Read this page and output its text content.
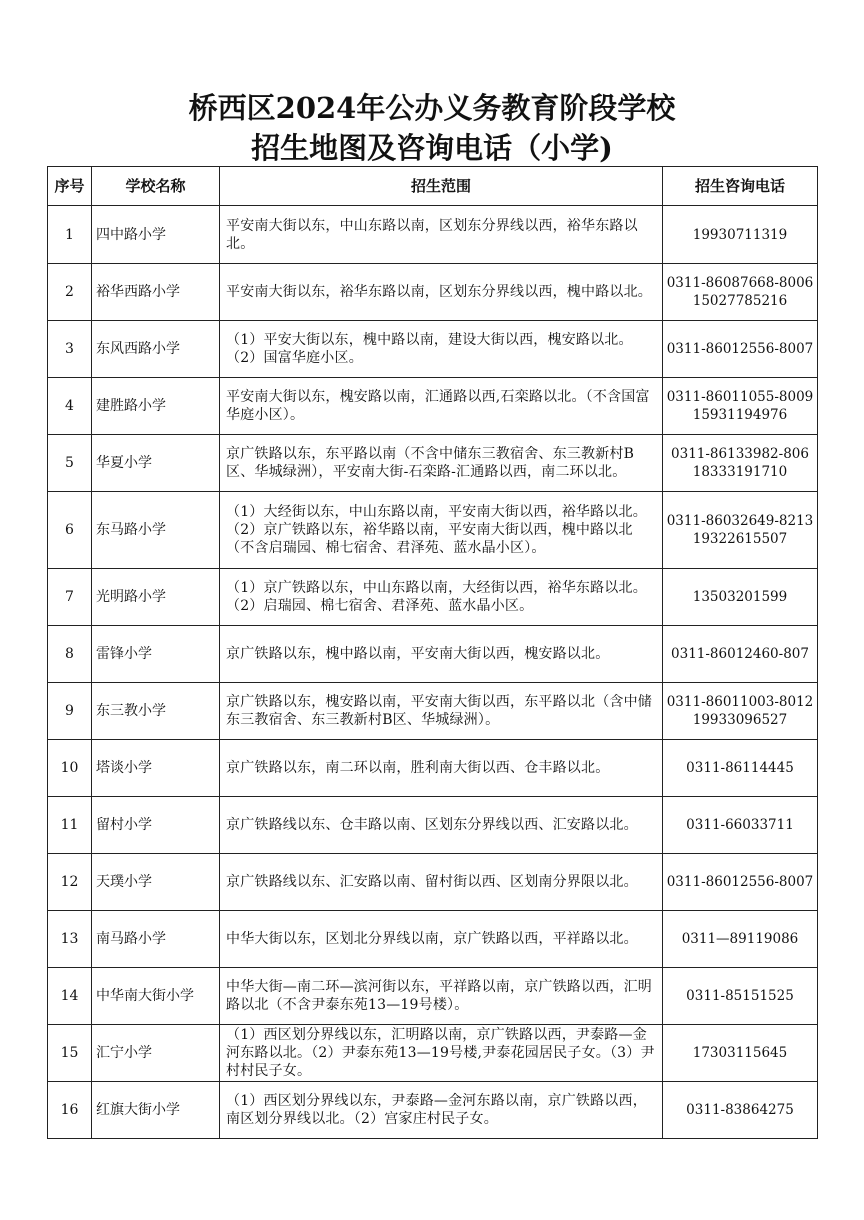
桥西区2024年公办义务教育阶段学校
招生地图及咨询电话（小学)
序号	学校名称	招生范围	招生咨询电话
1	四中路小学	平安南大街以东，中山东路以南，区划东分界线以西，裕华东路以北。	19930711319

2	裕华西路小学	平安南大街以东，裕华东路以南，区划东分界线以西，槐中路以北。	0311-86087668-8006
15027785216

3	东风西路小学	（1）平安大街以东，槐中路以南，建设大街以西，槐安路以北。（2）国富华庭小区。	0311-86012556-8007

4	建胜路小学	平安南大街以东，槐安路以南，汇通路以西,石栾路以北。（不含国富华庭小区）。	0311-86011055-8009
15931194976

5	华夏小学	京广铁路以东，东平路以南（不含中储东三教宿舍、东三教新村B区、华城绿洲），平安南大街-石栾路-汇通路以西，南二环以北。	0311-86133982-806
18333191710

6	东马路小学	（1）大经街以东，中山东路以南，平安南大街以西，裕华路以北。（2）京广铁路以东，裕华路以南，平安南大街以西，槐中路以北（不含启瑞园、棉七宿舍、君泽苑、蓝水晶小区）。	0311-86032649-8213
19322615507

7	光明路小学	（1）京广铁路以东，中山东路以南，大经街以西，裕华东路以北。（2）启瑞园、棉七宿舍、君泽苑、蓝水晶小区。	13503201599

8	雷锋小学	京广铁路以东，槐中路以南，平安南大街以西，槐安路以北。	0311-86012460-807

9	东三教小学	京广铁路以东，槐安路以南，平安南大街以西，东平路以北（含中储东三教宿舍、东三教新村B区、华城绿洲）。	0311-86011003-8012
19933096527

10	塔谈小学	京广铁路以东，南二环以南，胜利南大街以西、仓丰路以北。	0311-86114445

11	留村小学	京广铁路线以东、仓丰路以南、区划东分界线以西、汇安路以北。	0311-66033711

12	天璞小学	京广铁路线以东、汇安路以南、留村街以西、区划南分界限以北。	0311-86012556-8007

13	南马路小学	中华大街以东，区划北分界线以南，京广铁路以西，平祥路以北。	0311—89119086

14	中华南大街小学	中华大街—南二环—滨河街以东，平祥路以南，京广铁路以西，汇明路以北（不含尹泰东苑13—19号楼）。	0311-85151525

15	汇宁小学	（1）西区划分界线以东，汇明路以南，京广铁路以西，尹泰路—金河东路以北。（2）尹泰东苑13—19号楼,尹泰花园居民子女。（3）尹村村民子女。	17303115645

16	红旗大街小学	（1）西区划分界线以东，尹泰路—金河东路以南，京广铁路以西，南区划分界线以北。（2）宫家庄村民子女。	0311-83864275
